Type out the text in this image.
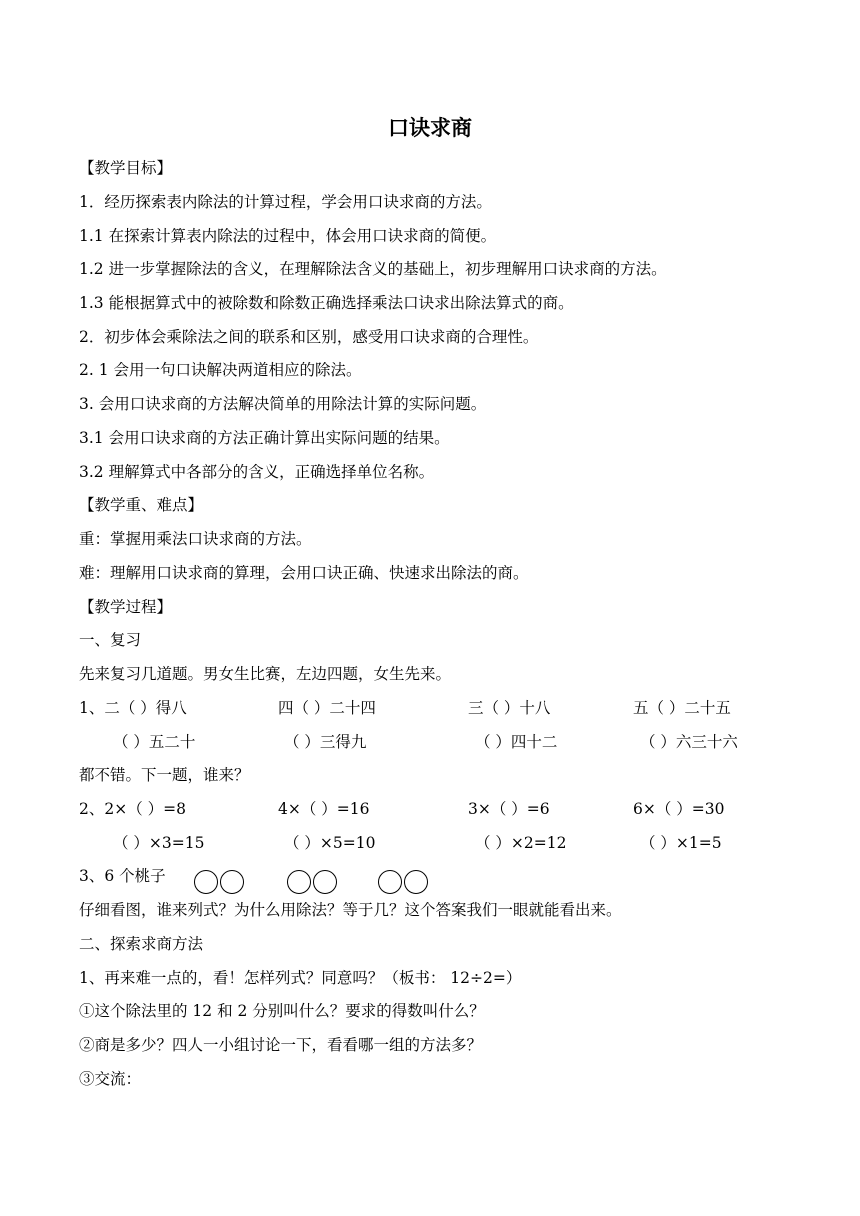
口诀求商
【教学目标】
1．经历探索表内除法的计算过程，学会用口诀求商的方法。
1.1 在探索计算表内除法的过程中，体会用口诀求商的简便。
1.2 进一步掌握除法的含义，在理解除法含义的基础上，初步理解用口诀求商的方法。
1.3 能根据算式中的被除数和除数正确选择乘法口诀求出除法算式的商。
2．初步体会乘除法之间的联系和区别，感受用口诀求商的合理性。
2. 1 会用一句口诀解决两道相应的除法。
3. 会用口诀求商的方法解决简单的用除法计算的实际问题。
3.1 会用口诀求商的方法正确计算出实际问题的结果。
3.2 理解算式中各部分的含义，正确选择单位名称。
【教学重、难点】
重：掌握用乘法口诀求商的方法。
难：理解用口诀求商的算理，会用口诀正确、快速求出除法的商。
【教学过程】
一、复习
先来复习几道题。男女生比赛，左边四题，女生先来。
1、二（ ）得八	四（ ）二十四	三（ ）十八	五（ ）二十五
（ ）五二十	（ ）三得九	（ ）四十二	（ ）六三十六
都不错。下一题，谁来？
2、2×（ ）=8	4×（ ）=16	3×（ ）=6	6×（ ）=30
（ ）×3=15	（ ）×5=10	（ ）×2=12	（ ）×1=5
3、6 个桃子
仔细看图，谁来列式？为什么用除法？等于几？这个答案我们一眼就能看出来。
二、探索求商方法
1、再来难一点的，看！怎样列式？同意吗？（板书： 12÷2=）
①这个除法里的 12 和 2 分别叫什么？要求的得数叫什么？
②商是多少？四人一小组讨论一下，看看哪一组的方法多？
③交流：
